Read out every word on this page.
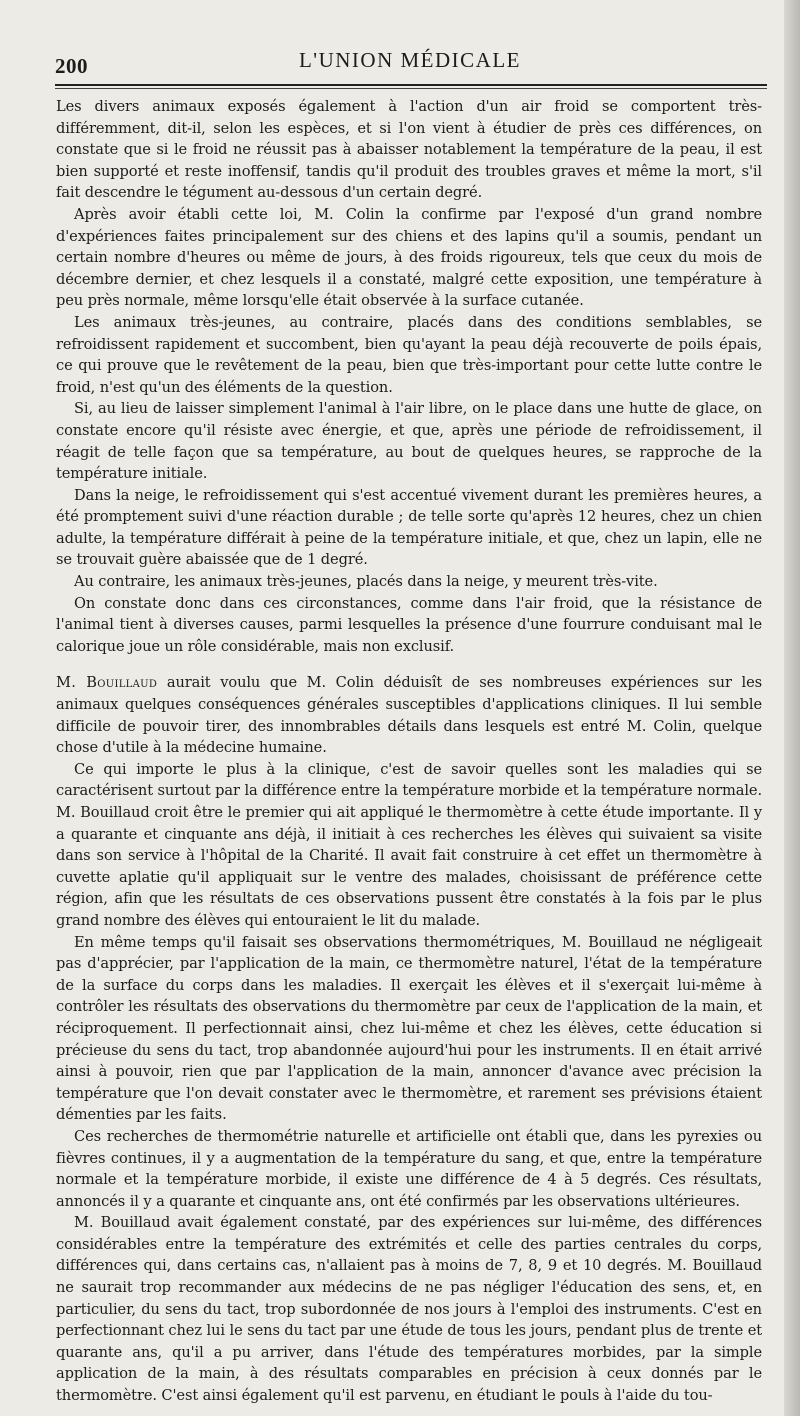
200	L'UNION MÉDICALE

Les divers animaux exposés également à l'action d'un air froid se comportent très-différemment, dit-il, selon les espèces, et si l'on vient à étudier de près ces différences, on constate que si le froid ne réussit pas à abaisser notablement la température de la peau, il est bien supporté et reste inoffensif, tandis qu'il produit des troubles graves et même la mort, s'il fait descendre le tégument au-dessous d'un certain degré.

Après avoir établi cette loi, M. Colin la confirme par l'exposé d'un grand nombre d'expériences faites principalement sur des chiens et des lapins qu'il a soumis, pendant un certain nombre d'heures ou même de jours, à des froids rigoureux, tels que ceux du mois de décembre dernier, et chez lesquels il a constaté, malgré cette exposition, une température à peu près normale, même lorsqu'elle était observée à la surface cutanée.

Les animaux très-jeunes, au contraire, placés dans des conditions semblables, se refroidissent rapidement et succombent, bien qu'ayant la peau déjà recouverte de poils épais, ce qui prouve que le revêtement de la peau, bien que très-important pour cette lutte contre le froid, n'est qu'un des éléments de la question.

Si, au lieu de laisser simplement l'animal à l'air libre, on le place dans une hutte de glace, on constate encore qu'il résiste avec énergie, et que, après une période de refroidissement, il réagit de telle façon que sa température, au bout de quelques heures, se rapproche de la température initiale.

Dans la neige, le refroidissement qui s'est accentué vivement durant les premières heures, a été promptement suivi d'une réaction durable ; de telle sorte qu'après 12 heures, chez un chien adulte, la température différait à peine de la température initiale, et que, chez un lapin, elle ne se trouvait guère abaissée que de 1 degré.

Au contraire, les animaux très-jeunes, placés dans la neige, y meurent très-vite.

On constate donc dans ces circonstances, comme dans l'air froid, que la résistance de l'animal tient à diverses causes, parmi lesquelles la présence d'une fourrure conduisant mal le calorique joue un rôle considérable, mais non exclusif.

M. Bouillaud aurait voulu que M. Colin déduisît de ses nombreuses expériences sur les animaux quelques conséquences générales susceptibles d'applications cliniques. Il lui semble difficile de pouvoir tirer, des innombrables détails dans lesquels est entré M. Colin, quelque chose d'utile à la médecine humaine.

Ce qui importe le plus à la clinique, c'est de savoir quelles sont les maladies qui se caractérisent surtout par la différence entre la température morbide et la température normale. M. Bouillaud croit être le premier qui ait appliqué le thermomètre à cette étude importante. Il y a quarante et cinquante ans déjà, il initiait à ces recherches les élèves qui suivaient sa visite dans son service à l'hôpital de la Charité. Il avait fait construire à cet effet un thermomètre à cuvette aplatie qu'il appliquait sur le ventre des malades, choisissant de préférence cette région, afin que les résultats de ces observations pussent être constatés à la fois par le plus grand nombre des élèves qui entouraient le lit du malade.

En même temps qu'il faisait ses observations thermométriques, M. Bouillaud ne négligeait pas d'apprécier, par l'application de la main, ce thermomètre naturel, l'état de la température de la surface du corps dans les maladies. Il exerçait les élèves et il s'exerçait lui-même à contrôler les résultats des observations du thermomètre par ceux de l'application de la main, et réciproquement. Il perfectionnait ainsi, chez lui-même et chez les élèves, cette éducation si précieuse du sens du tact, trop abandonnée aujourd'hui pour les instruments. Il en était arrivé ainsi à pouvoir, rien que par l'application de la main, annoncer d'avance avec précision la température que l'on devait constater avec le thermomètre, et rarement ses prévisions étaient démenties par les faits.

Ces recherches de thermométrie naturelle et artificielle ont établi que, dans les pyrexies ou fièvres continues, il y a augmentation de la température du sang, et que, entre la température normale et la température morbide, il existe une différence de 4 à 5 degrés. Ces résultats, annoncés il y a quarante et cinquante ans, ont été confirmés par les observations ultérieures.

M. Bouillaud avait également constaté, par des expériences sur lui-même, des différences considérables entre la température des extrémités et celle des parties centrales du corps, différences qui, dans certains cas, n'allaient pas à moins de 7, 8, 9 et 10 degrés. M. Bouillaud ne saurait trop recommander aux médecins de ne pas négliger l'éducation des sens, et, en particulier, du sens du tact, trop subordonnée de nos jours à l'emploi des instruments. C'est en perfectionnant chez lui le sens du tact par une étude de tous les jours, pendant plus de trente et quarante ans, qu'il a pu arriver, dans l'étude des températures morbides, par la simple application de la main, à des résultats comparables en précision à ceux donnés par le thermomètre. C'est ainsi également qu'il est parvenu, en étudiant le pouls à l'aide du tou-
